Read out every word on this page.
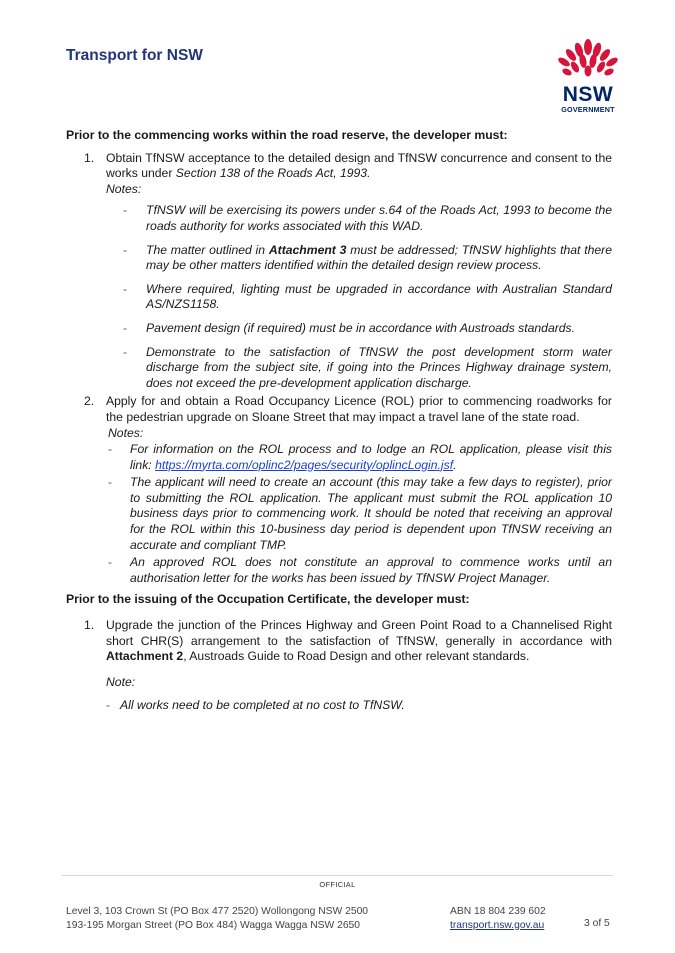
Transport for NSW
NSW
GOVERNMENT
Prior to the commencing works within the road reserve, the developer must:
1. Obtain TfNSW acceptance to the detailed design and TfNSW concurrence and consent to the works under Section 138 of the Roads Act, 1993.
Notes:
- TfNSW will be exercising its powers under s.64 of the Roads Act, 1993 to become the roads authority for works associated with this WAD.
- The matter outlined in Attachment 3 must be addressed; TfNSW highlights that there may be other matters identified within the detailed design review process.
- Where required, lighting must be upgraded in accordance with Australian Standard AS/NZS1158.
- Pavement design (if required) must be in accordance with Austroads standards.
- Demonstrate to the satisfaction of TfNSW the post development storm water discharge from the subject site, if going into the Princes Highway drainage system, does not exceed the pre-development application discharge.
2. Apply for and obtain a Road Occupancy Licence (ROL) prior to commencing roadworks for the pedestrian upgrade on Sloane Street that may impact a travel lane of the state road.
Notes:
- For information on the ROL process and to lodge an ROL application, please visit this link: https://myrta.com/oplinc2/pages/security/oplincLogin.jsf.
- The applicant will need to create an account (this may take a few days to register), prior to submitting the ROL application. The applicant must submit the ROL application 10 business days prior to commencing work. It should be noted that receiving an approval for the ROL within this 10-business day period is dependent upon TfNSW receiving an accurate and compliant TMP.
- An approved ROL does not constitute an approval to commence works until an authorisation letter for the works has been issued by TfNSW Project Manager.
Prior to the issuing of the Occupation Certificate, the developer must:
1. Upgrade the junction of the Princes Highway and Green Point Road to a Channelised Right short CHR(S) arrangement to the satisfaction of TfNSW, generally in accordance with Attachment 2, Austroads Guide to Road Design and other relevant standards.
Note:
- All works need to be completed at no cost to TfNSW.
OFFICIAL
Level 3, 103 Crown St (PO Box 477 2520) Wollongong NSW 2500
193-195 Morgan Street (PO Box 484) Wagga Wagga NSW 2650
ABN 18 804 239 602
transport.nsw.gov.au	3 of 5
